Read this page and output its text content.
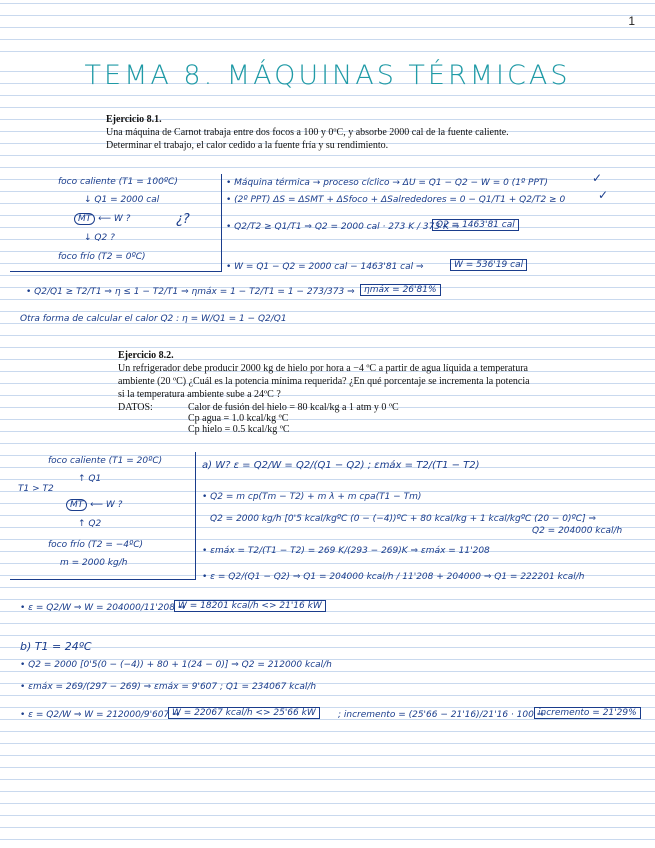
1
TEMA 8. MÁQUINAS TÉRMICAS
Ejercicio 8.1.
Una máquina de Carnot trabaja entre dos focos a 100 y 0ºC, y absorbe 2000 cal de la fuente caliente. Determinar el trabajo, el calor cedido a la fuente fría y su rendimiento.
foco caliente (T1 = 100ºC)
↓ Q1 = 2000 cal
MT ⟵ W ?	¿?
↓ Q2 ?
foco frío (T2 = 0ºC)
• Máquina térmica → proceso cíclico → ΔU = Q1 − Q2 − W = 0 (1º PPT)	✓
• (2º PPT) ΔS = ΔSMT + ΔSfoco + ΔSalrededores = 0 − Q1/T1 + Q2/T2 ≥ 0	✓
• Q2/T2 ≥ Q1/T1 ⇒ Q2 = 2000 cal · 273 K / 373 K ⇒
Q2 = 1463'81 cal
• W = Q1 − Q2 = 2000 cal − 1463'81 cal ⇒	W = 536'19 cal
• Q2/Q1 ≥ T2/T1 ⇒ η ≤ 1 − T2/T1 ⇒ ηmáx = 1 − T2/T1 = 1 − 273/373 ⇒	ηmáx = 26'81%
Otra forma de calcular el calor Q2 : η = W/Q1 = 1 − Q2/Q1
Ejercicio 8.2.
Un refrigerador debe producir 2000 kg de hielo por hora a −4 ºC a partir de agua líquida a temperatura ambiente (20 ºC) ¿Cuál es la potencia mínima requerida? ¿En qué porcentaje se incrementa la potencia si la temperatura ambiente sube a 24ºC ?
DATOS:	Calor de fusión del hielo = 80 kcal/kg a 1 atm y 0 ºC
Cp agua = 1.0 kcal/kg ºC
Cp hielo = 0.5 kcal/kg ºC
foco caliente (T1 = 20ºC)
↑ Q1
T1 > T2
MT ⟵ W ?
↑ Q2
foco frío (T2 = −4ºC)
m = 2000 kg/h
a) W? ε = Q2/W = Q2/(Q1 − Q2) ; εmáx = T2/(T1 − T2)
• Q2 = m cp(Tm − T2) + m λ + m cpa(T1 − Tm)
Q2 = 2000 kg/h [0'5 kcal/kgºC (0 − (−4))ºC + 80 kcal/kg + 1 kcal/kgºC (20 − 0)ºC] ⇒
Q2 = 204000 kcal/h
• εmáx = T2/(T1 − T2) = 269 K/(293 − 269)K ⇒ εmáx = 11'208
• ε = Q2/(Q1 − Q2) ⇒ Q1 = 204000 kcal/h / 11'208 + 204000 ⇒ Q1 = 222201 kcal/h
• ε = Q2/W ⇒ W = 204000/11'208 ⇒
W = 18201 kcal/h <> 21'16 kW
b) T1 = 24ºC
• Q2 = 2000 [0'5(0 − (−4)) + 80 + 1(24 − 0)] ⇒ Q2 = 212000 kcal/h
• εmáx = 269/(297 − 269) ⇒ εmáx = 9'607 ; Q1 = 234067 kcal/h
• ε = Q2/W ⇒ W = 212000/9'607 ⇒
W = 22067 kcal/h <> 25'66 kW	; incremento = (25'66 − 21'16)/21'16 · 100 ⇒
incremento = 21'29%
